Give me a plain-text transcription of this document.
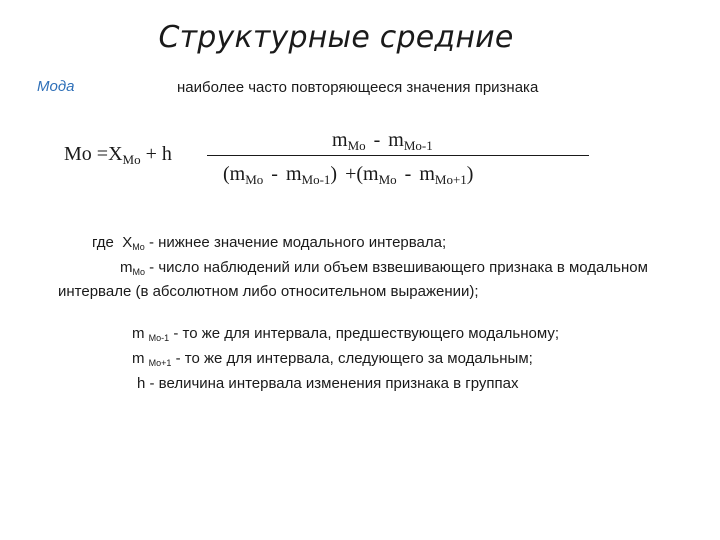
Структурные средние
Мода	наиболее часто повторяющееся значения признака
$Mo =X_{Mo} + h$
$m_{Mo} - m_{Mo-1}$
$(m_{Mo} - m_{Mo-1}) +(m_{Mo} - m_{Mo+1})$
где $X_{Mo}$ - нижнее значение модального интервала;
$m_{Mo}$ - число наблюдений или объем взвешивающего признака в модальном интервале (в абсолютном либо относительном выражении);
m $_{Mo-1}$ - то же для интервала, предшествующего модальному;
m $_{Mo+1}$ - то же для интервала, следующего за модальным;
h - величина интервала изменения признака в группах
